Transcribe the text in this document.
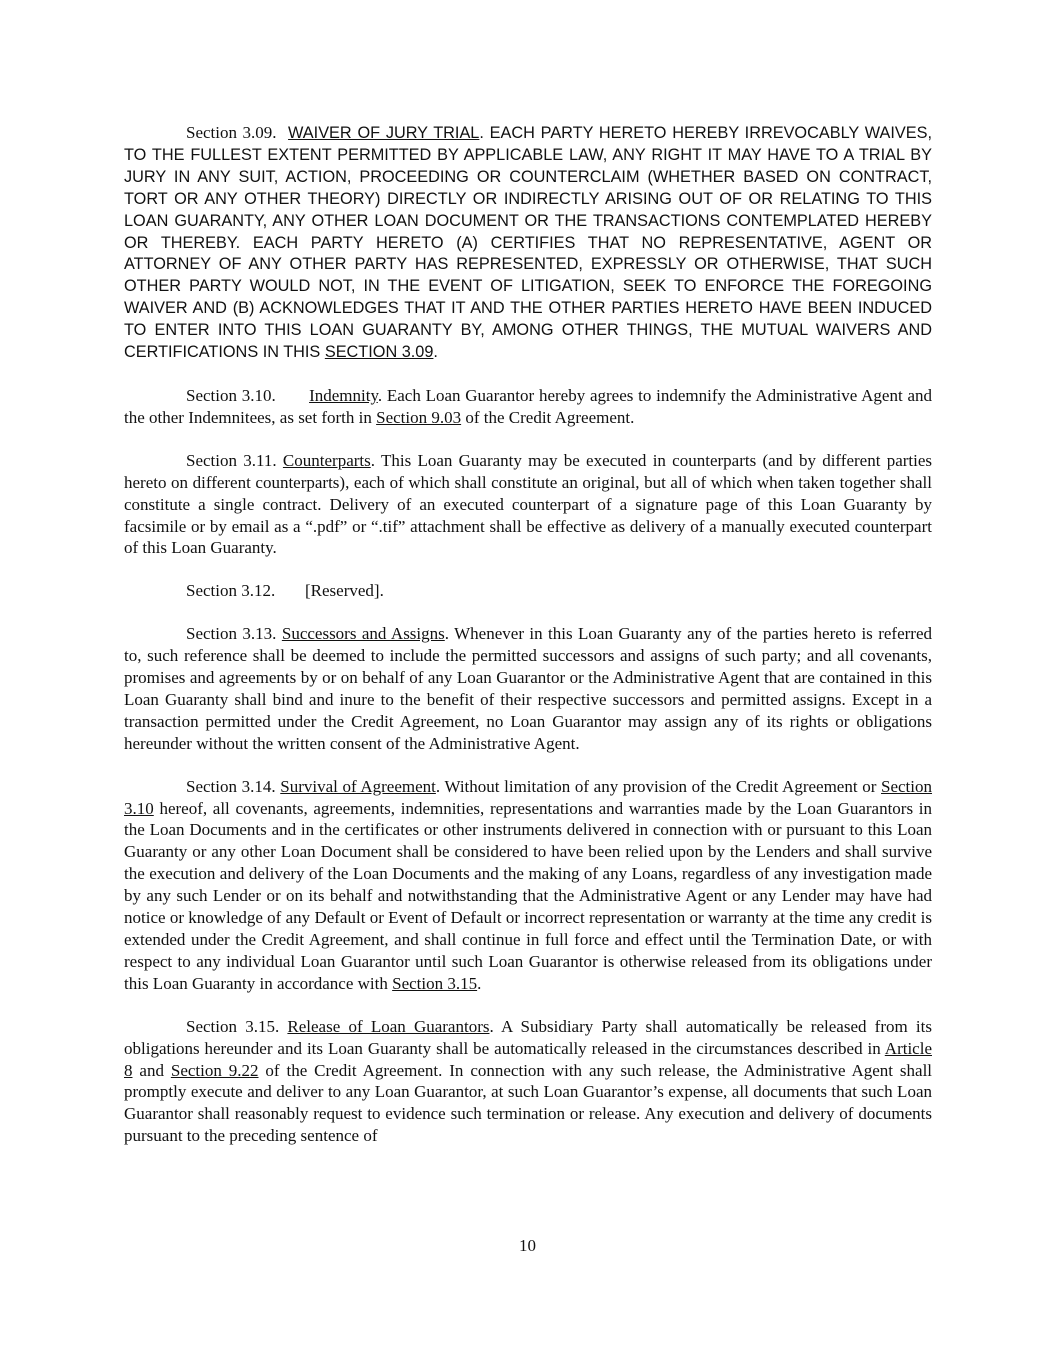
Section 3.09. WAIVER OF JURY TRIAL. EACH PARTY HERETO HEREBY IRREVOCABLY WAIVES, TO THE FULLEST EXTENT PERMITTED BY APPLICABLE LAW, ANY RIGHT IT MAY HAVE TO A TRIAL BY JURY IN ANY SUIT, ACTION, PROCEEDING OR COUNTERCLAIM (WHETHER BASED ON CONTRACT, TORT OR ANY OTHER THEORY) DIRECTLY OR INDIRECTLY ARISING OUT OF OR RELATING TO THIS LOAN GUARANTY, ANY OTHER LOAN DOCUMENT OR THE TRANSACTIONS CONTEMPLATED HEREBY OR THEREBY. EACH PARTY HERETO (A) CERTIFIES THAT NO REPRESENTATIVE, AGENT OR ATTORNEY OF ANY OTHER PARTY HAS REPRESENTED, EXPRESSLY OR OTHERWISE, THAT SUCH OTHER PARTY WOULD NOT, IN THE EVENT OF LITIGATION, SEEK TO ENFORCE THE FOREGOING WAIVER AND (B) ACKNOWLEDGES THAT IT AND THE OTHER PARTIES HERETO HAVE BEEN INDUCED TO ENTER INTO THIS LOAN GUARANTY BY, AMONG OTHER THINGS, THE MUTUAL WAIVERS AND CERTIFICATIONS IN THIS SECTION 3.09.

Section 3.10. Indemnity. Each Loan Guarantor hereby agrees to indemnify the Administrative Agent and the other Indemnitees, as set forth in Section 9.03 of the Credit Agreement.

Section 3.11. Counterparts. This Loan Guaranty may be executed in counterparts (and by different parties hereto on different counterparts), each of which shall constitute an original, but all of which when taken together shall constitute a single contract. Delivery of an executed counterpart of a signature page of this Loan Guaranty by facsimile or by email as a “.pdf” or “.tif” attachment shall be effective as delivery of a manually executed counterpart of this Loan Guaranty.

Section 3.12. [Reserved].

Section 3.13. Successors and Assigns. Whenever in this Loan Guaranty any of the parties hereto is referred to, such reference shall be deemed to include the permitted successors and assigns of such party; and all covenants, promises and agreements by or on behalf of any Loan Guarantor or the Administrative Agent that are contained in this Loan Guaranty shall bind and inure to the benefit of their respective successors and permitted assigns. Except in a transaction permitted under the Credit Agreement, no Loan Guarantor may assign any of its rights or obligations hereunder without the written consent of the Administrative Agent.

Section 3.14. Survival of Agreement. Without limitation of any provision of the Credit Agreement or Section 3.10 hereof, all covenants, agreements, indemnities, representations and warranties made by the Loan Guarantors in the Loan Documents and in the certificates or other instruments delivered in connection with or pursuant to this Loan Guaranty or any other Loan Document shall be considered to have been relied upon by the Lenders and shall survive the execution and delivery of the Loan Documents and the making of any Loans, regardless of any investigation made by any such Lender or on its behalf and notwithstanding that the Administrative Agent or any Lender may have had notice or knowledge of any Default or Event of Default or incorrect representation or warranty at the time any credit is extended under the Credit Agreement, and shall continue in full force and effect until the Termination Date, or with respect to any individual Loan Guarantor until such Loan Guarantor is otherwise released from its obligations under this Loan Guaranty in accordance with Section 3.15.

Section 3.15. Release of Loan Guarantors. A Subsidiary Party shall automatically be released from its obligations hereunder and its Loan Guaranty shall be automatically released in the circumstances described in Article 8 and Section 9.22 of the Credit Agreement. In connection with any such release, the Administrative Agent shall promptly execute and deliver to any Loan Guarantor, at such Loan Guarantor’s expense, all documents that such Loan Guarantor shall reasonably request to evidence such termination or release. Any execution and delivery of documents pursuant to the preceding sentence of

10
